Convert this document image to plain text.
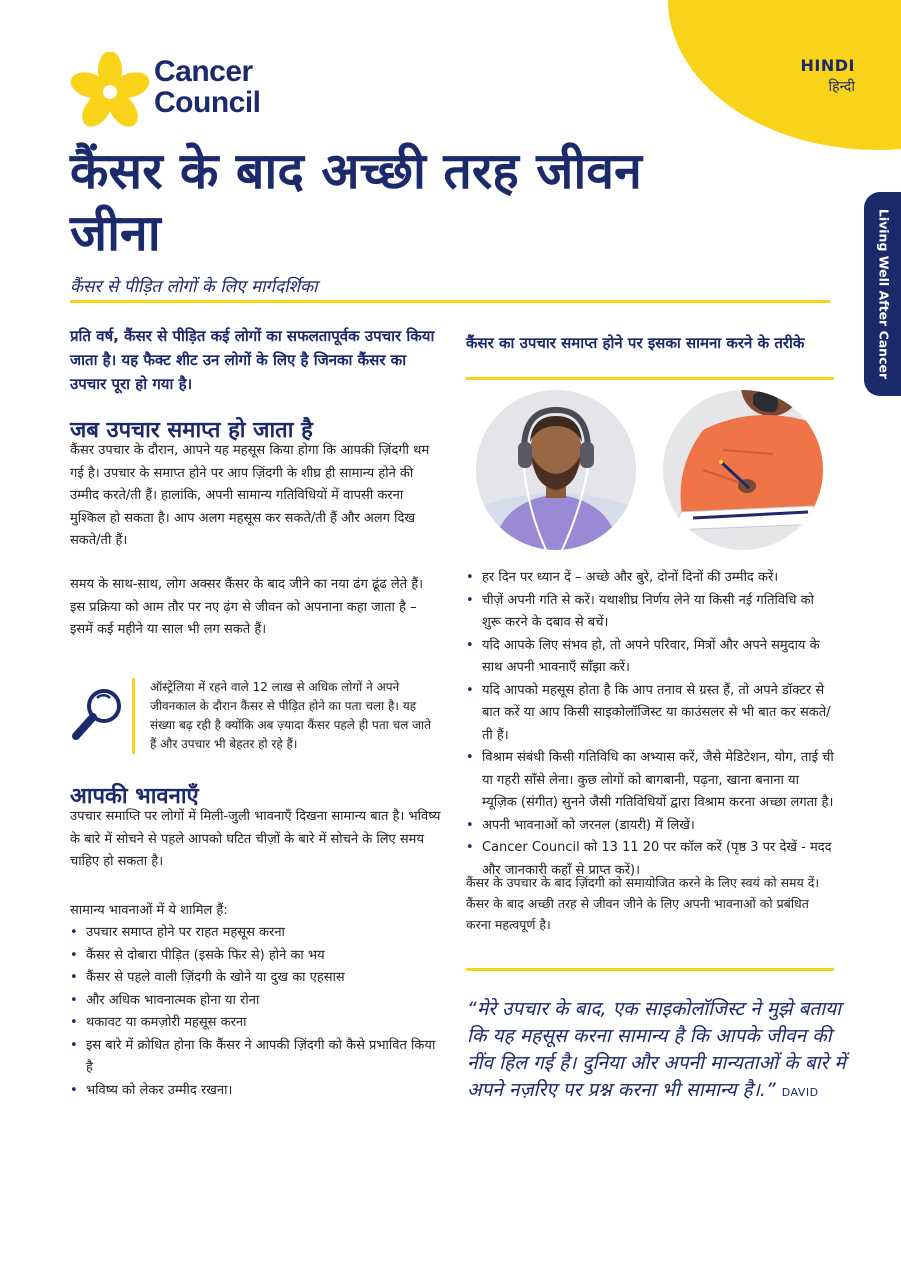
HINDI
हिन्दी
Living Well After Cancer
Cancer
Council
कैंसर के बाद अच्छी तरह जीवन जीना

कैंसर से पीड़ित लोगों के लिए मार्गदर्शिका

प्रति वर्ष, कैंसर से पीड़ित कई लोगों का सफलतापूर्वक उपचार किया जाता है। यह फैक्ट शीट उन लोगों के लिए है जिनका कैंसर का उपचार पूरा हो गया है।

जब उपचार समाप्त हो जाता है

कैंसर उपचार के दौरान, आपने यह महसूस किया होगा कि आपकी ज़िंदगी थम गई है। उपचार के समाप्त होने पर आप ज़िंदगी के शीघ्र ही सामान्य होने की उम्मीद करते/ती हैं। हालांकि, अपनी सामान्य गतिविधियों में वापसी करना मुश्किल हो सकता है। आप अलग महसूस कर सकते/ती हैं और अलग दिख सकते/ती हैं।

समय के साथ-साथ, लोग अक्सर कैंसर के बाद जीने का नया ढंग ढूंढ लेते हैं। इस प्रक्रिया को आम तौर पर नए ढ़ंग से जीवन को अपनाना कहा जाता है – इसमें कई महीने या साल भी लग सकते हैं।

ऑस्ट्रेलिया में रहने वाले 12 लाख से अधिक लोगों ने अपने जीवनकाल के दौरान कैंसर से पीड़ित होने का पता चला है। यह संख्या बढ़ रही है क्योंकि अब ज़्यादा कैंसर पहले ही पता चल जाते हैं और उपचार भी बेहतर हो रहे हैं।

आपकी भावनाएँ

उपचार समाप्ति पर लोगों में मिली-जुली भावनाएँ दिखना सामान्य बात है। भविष्य के बारे में सोचने से पहले आपको घटित चीज़ों के बारे में सोचने के लिए समय चाहिए हो सकता है।

सामान्य भावनाओं में ये शामिल हैं:

• उपचार समाप्त होने पर राहत महसूस करना
• कैंसर से दोबारा पीड़ित (इसके फिर से) होने का भय
• कैंसर से पहले वाली ज़िंदगी के खोने या दुख का एहसास
• और अधिक भावनात्मक होना या रोना
• थकावट या कमज़ोरी महसूस करना
• इस बारे में क्रोधित होना कि कैंसर ने आपकी ज़िंदगी को कैसे प्रभावित किया है
• भविष्य को लेकर उम्मीद रखना।
कैंसर का उपचार समाप्त होने पर इसका सामना करने के तरीके
• हर दिन पर ध्यान दें – अच्छे और बुरे, दोनों दिनों की उम्मीद करें।
• चीज़ें अपनी गति से करें। यथाशीघ्र निर्णय लेने या किसी नई गतिविधि को शुरू करने के दबाव से बचें।
• यदि आपके लिए संभव हो, तो अपने परिवार, मित्रों और अपने समुदाय के साथ अपनी भावनाएँ साँझा करें।
• यदि आपको महसूस होता है कि आप तनाव से ग्रस्त हैं, तो अपने डॉक्टर से बात करें या आप किसी साइकोलॉजिस्ट या काउंसलर से भी बात कर सकते/ती हैं।
• विश्राम संबंधी किसी गतिविधि का अभ्यास करें, जैसे मेडिटेशन, योग, ताई ची या गहरी साँसे लेना। कुछ लोगों को बागबानी, पढ़ना, खाना बनाना या म्यूज़िक (संगीत) सुनने जैसी गतिविधियों द्वारा विश्राम करना अच्छा लगता है।
• अपनी भावनाओं को जरनल (डायरी) में लिखें।
• Cancer Council को 13 11 20 पर कॉल करें (पृष्ठ 3 पर देखें - मदद और जानकारी कहाँ से प्राप्त करें)।

कैंसर के उपचार के बाद ज़िंदगी को समायोजित करने के लिए स्वयं को समय दें। कैंसर के बाद अच्छी तरह से जीवन जीने के लिए अपनी भावनाओं को प्रबंधित करना महत्वपूर्ण है।

“मेरे उपचार के बाद, एक साइकोलॉजिस्ट ने मुझे बताया कि यह महसूस करना सामान्य है कि आपके जीवन की नींव हिल गई है। दुनिया और अपनी मान्यताओं के बारे में अपने नज़रिए पर प्रश्न करना भी सामान्य है।.” DAVID
